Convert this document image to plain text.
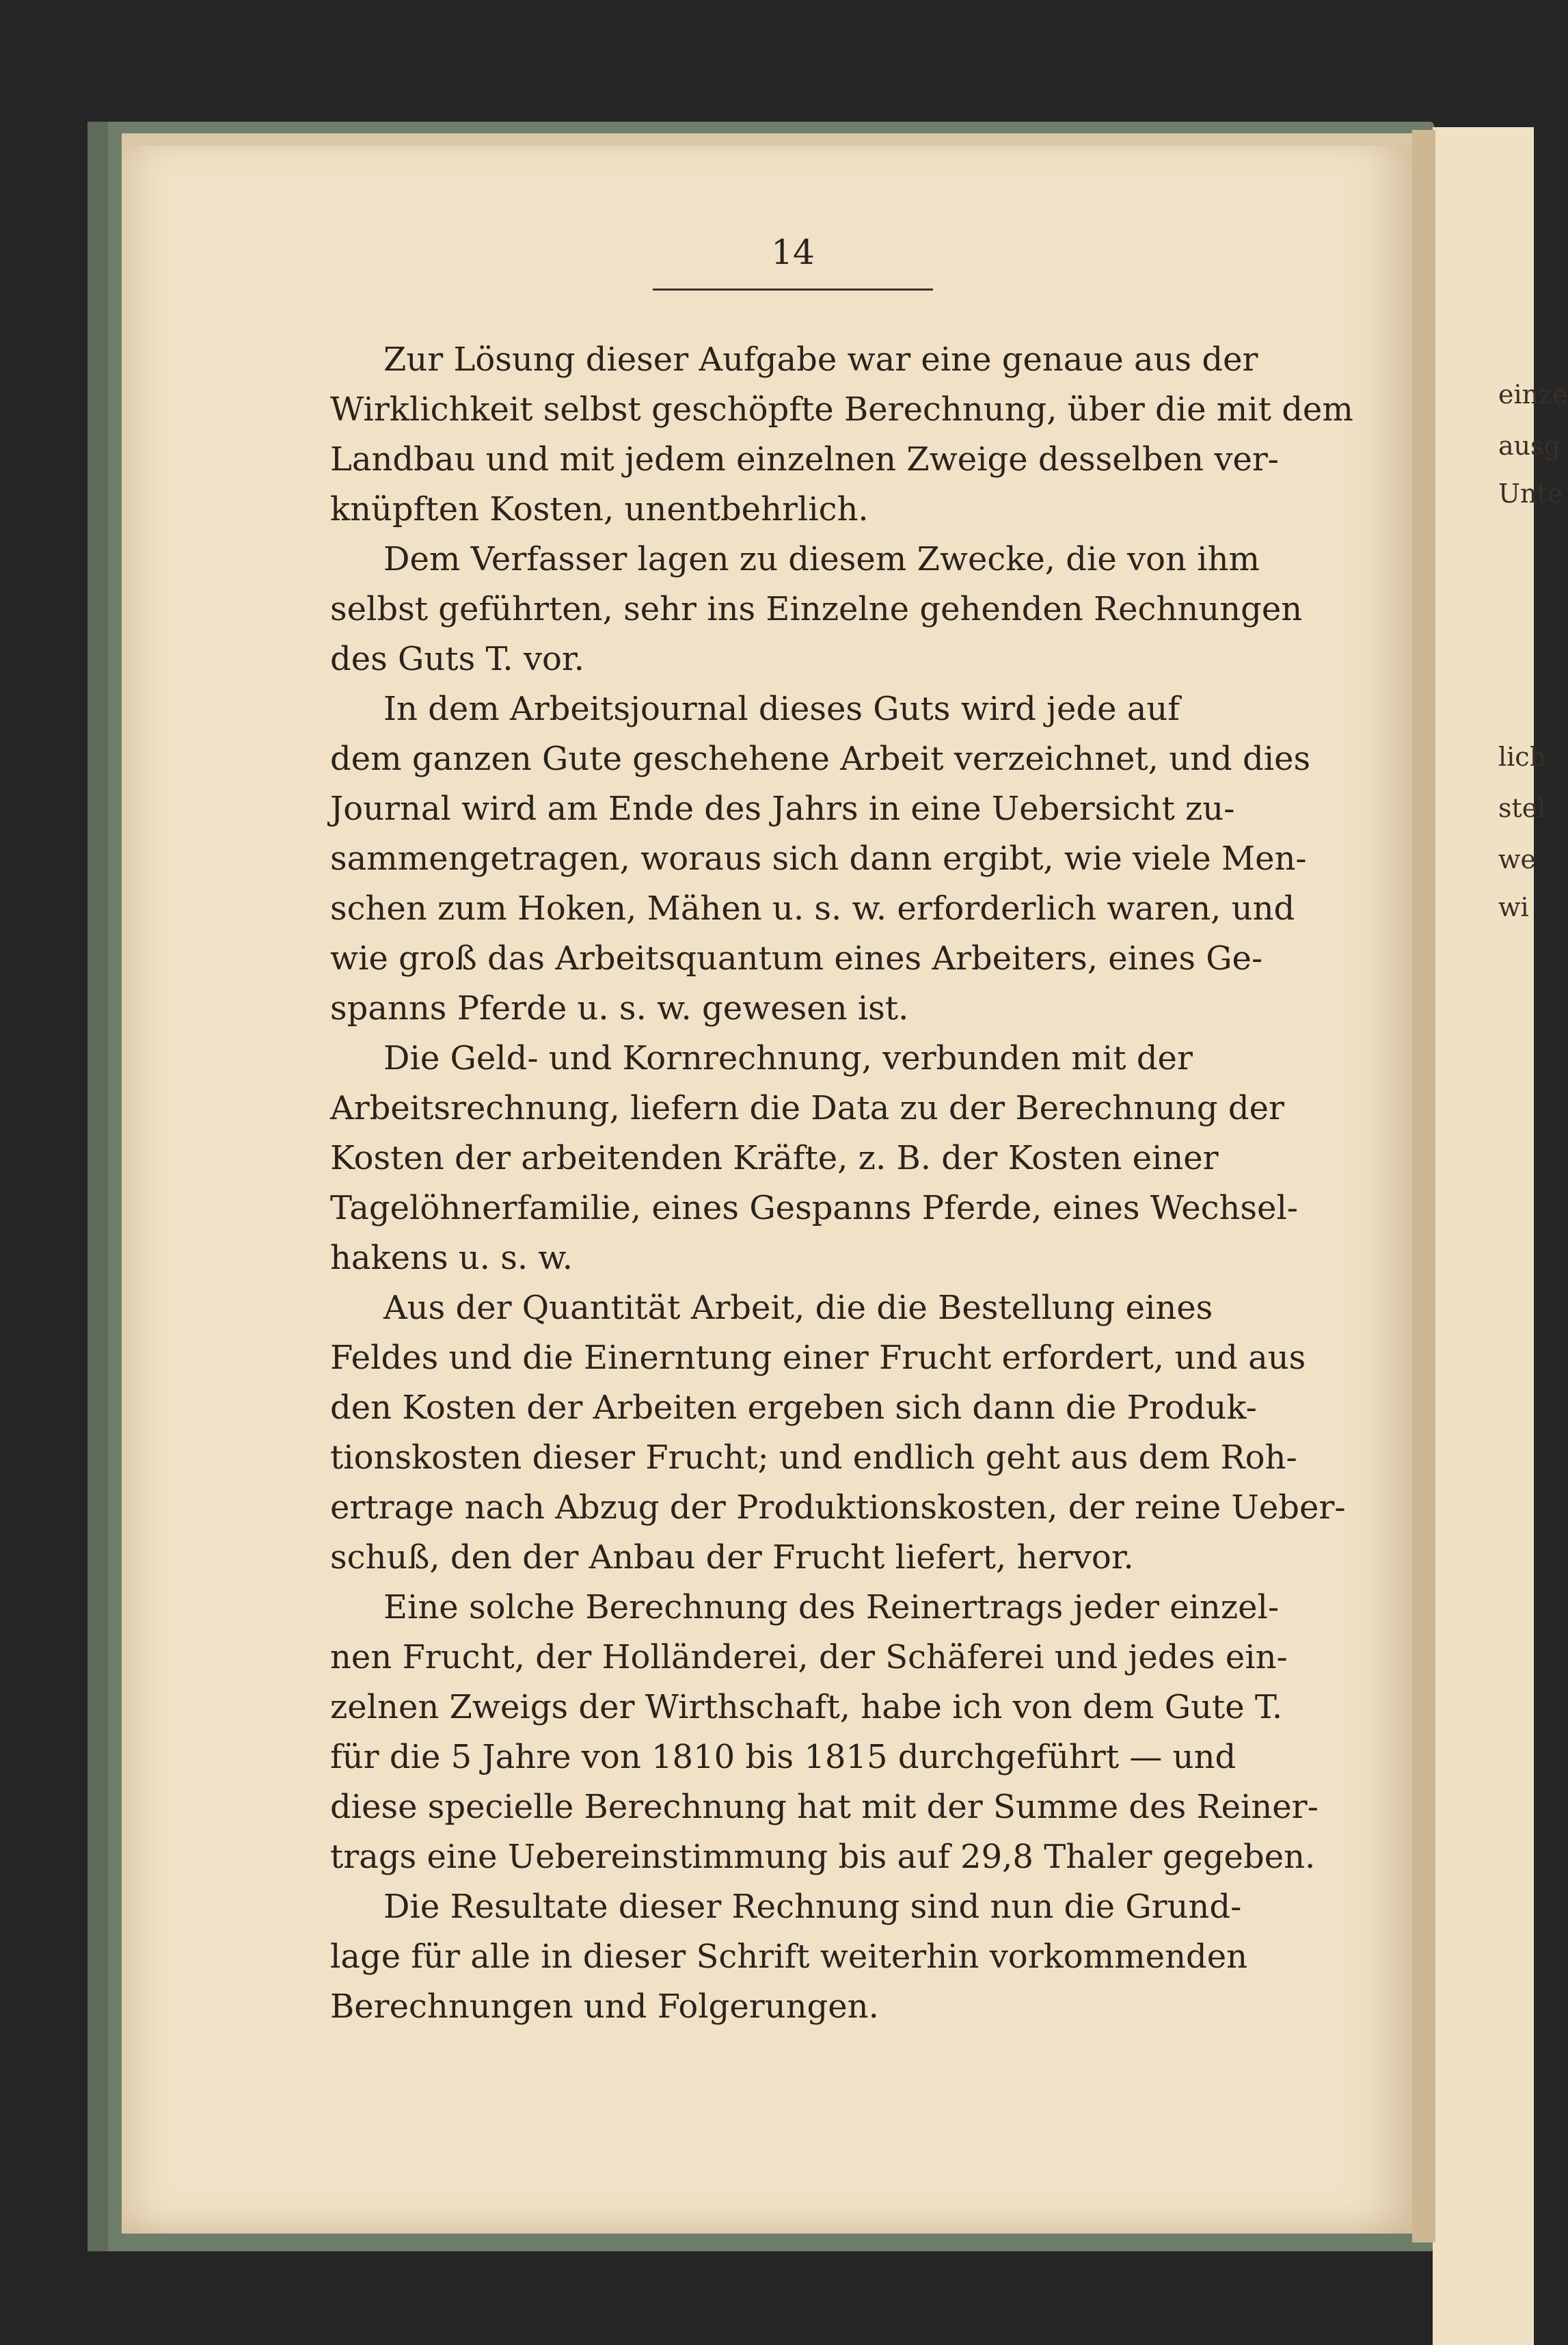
einze
ausg
Unte
lich
stel
we
wi
14
Zur Lösung dieser Aufgabe war eine genaue aus der
Wirklichkeit selbst geschöpfte Berechnung, über die mit dem
Landbau und mit jedem einzelnen Zweige desselben ver-
knüpften Kosten, unentbehrlich.
Dem Verfasser lagen zu diesem Zwecke, die von ihm
selbst geführten, sehr ins Einzelne gehenden Rechnungen
des Guts T. vor.
In dem Arbeitsjournal dieses Guts wird jede auf
dem ganzen Gute geschehene Arbeit verzeichnet, und dies
Journal wird am Ende des Jahrs in eine Uebersicht zu-
sammengetragen, woraus sich dann ergibt, wie viele Men-
schen zum Hoken, Mähen u. s. w. erforderlich waren, und
wie groß das Arbeitsquantum eines Arbeiters, eines Ge-
spanns Pferde u. s. w. gewesen ist.
Die Geld- und Kornrechnung, verbunden mit der
Arbeitsrechnung, liefern die Data zu der Berechnung der
Kosten der arbeitenden Kräfte, z. B. der Kosten einer
Tagelöhnerfamilie, eines Gespanns Pferde, eines Wechsel-
hakens u. s. w.
Aus der Quantität Arbeit, die die Bestellung eines
Feldes und die Einerntung einer Frucht erfordert, und aus
den Kosten der Arbeiten ergeben sich dann die Produk-
tionskosten dieser Frucht; und endlich geht aus dem Roh-
ertrage nach Abzug der Produktionskosten, der reine Ueber-
schuß, den der Anbau der Frucht liefert, hervor.
Eine solche Berechnung des Reinertrags jeder einzel-
nen Frucht, der Holländerei, der Schäferei und jedes ein-
zelnen Zweigs der Wirthschaft, habe ich von dem Gute T.
für die 5 Jahre von 1810 bis 1815 durchgeführt — und
diese specielle Berechnung hat mit der Summe des Reiner-
trags eine Uebereinstimmung bis auf 29,8 Thaler gegeben.
Die Resultate dieser Rechnung sind nun die Grund-
lage für alle in dieser Schrift weiterhin vorkommenden
Berechnungen und Folgerungen.
